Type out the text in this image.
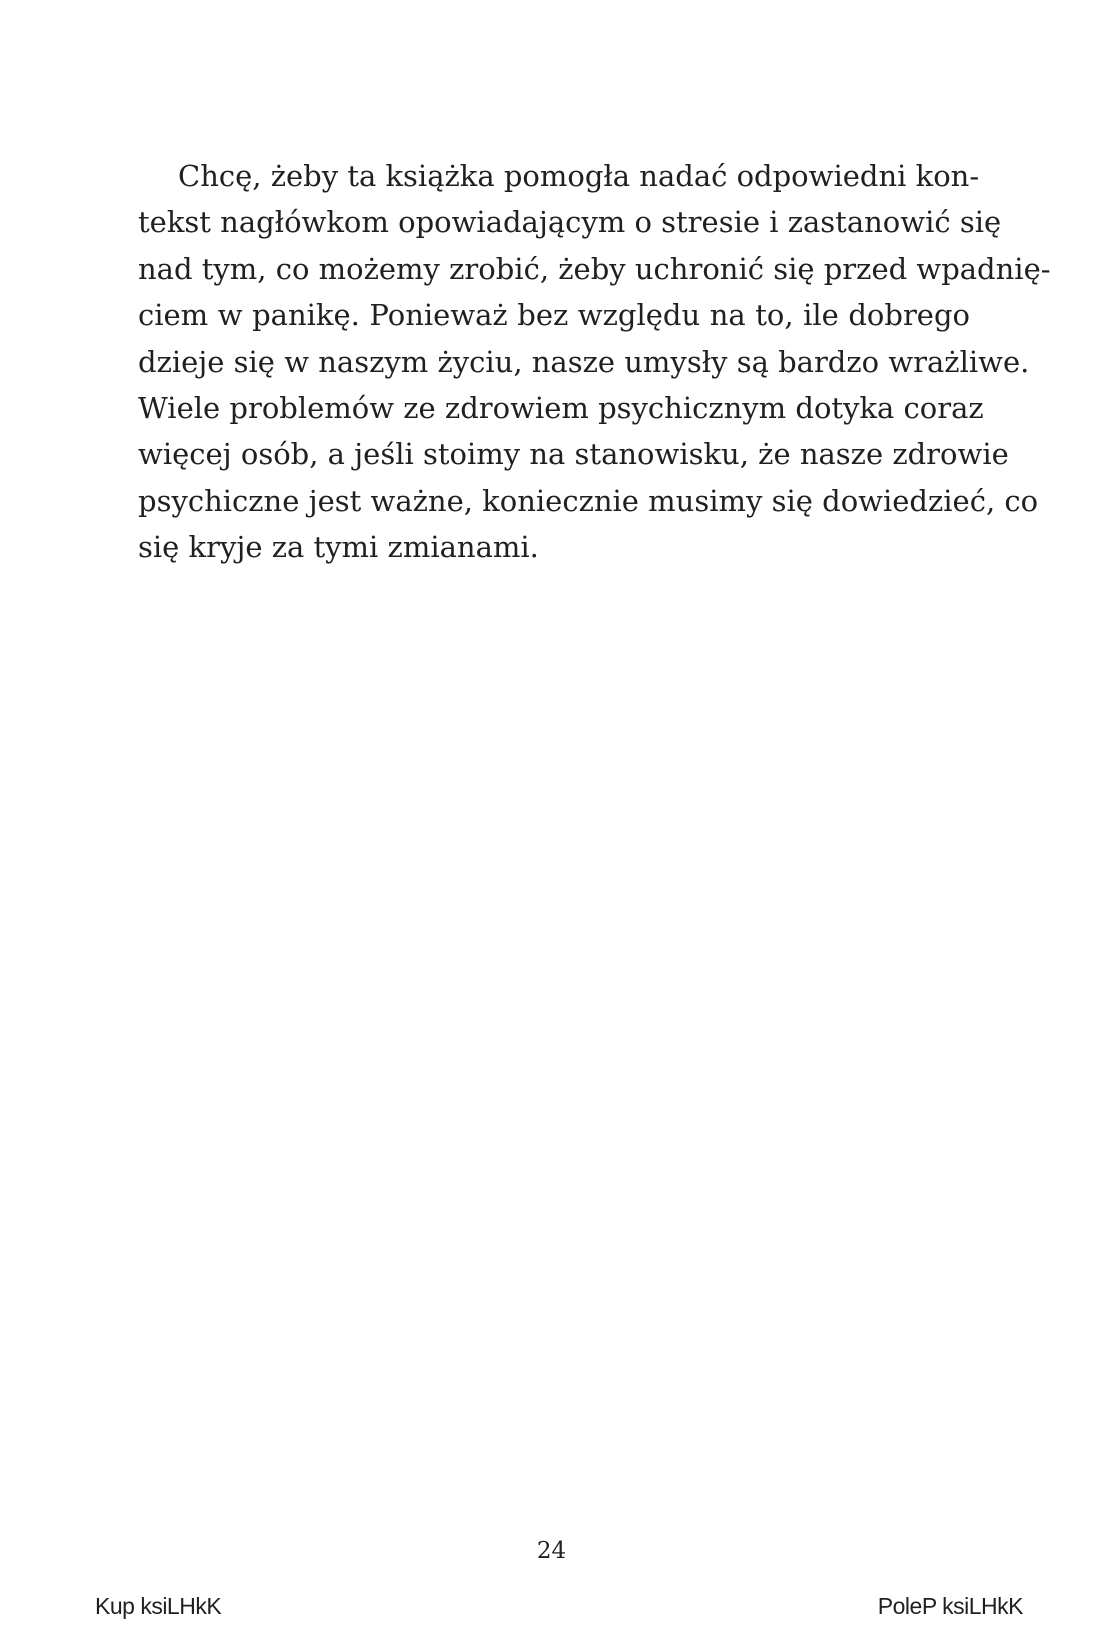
Chcę, żeby ta książka pomogła nadać odpowiedni kon-
tekst nagłówkom opowiadającym o stresie i zastanowić się
nad tym, co możemy zrobić, żeby uchronić się przed wpadnię-
ciem w panikę. Ponieważ bez względu na to, ile dobrego
dzieje się w naszym życiu, nasze umysły są bardzo wrażliwe.
Wiele problemów ze zdrowiem psychicznym dotyka coraz
więcej osób, a jeśli stoimy na stanowisku, że nasze zdrowie
psychiczne jest ważne, koniecznie musimy się dowiedzieć, co
się kryje za tymi zmianami.
24
Kup ksiLHkK	PoleP ksiLHkK
